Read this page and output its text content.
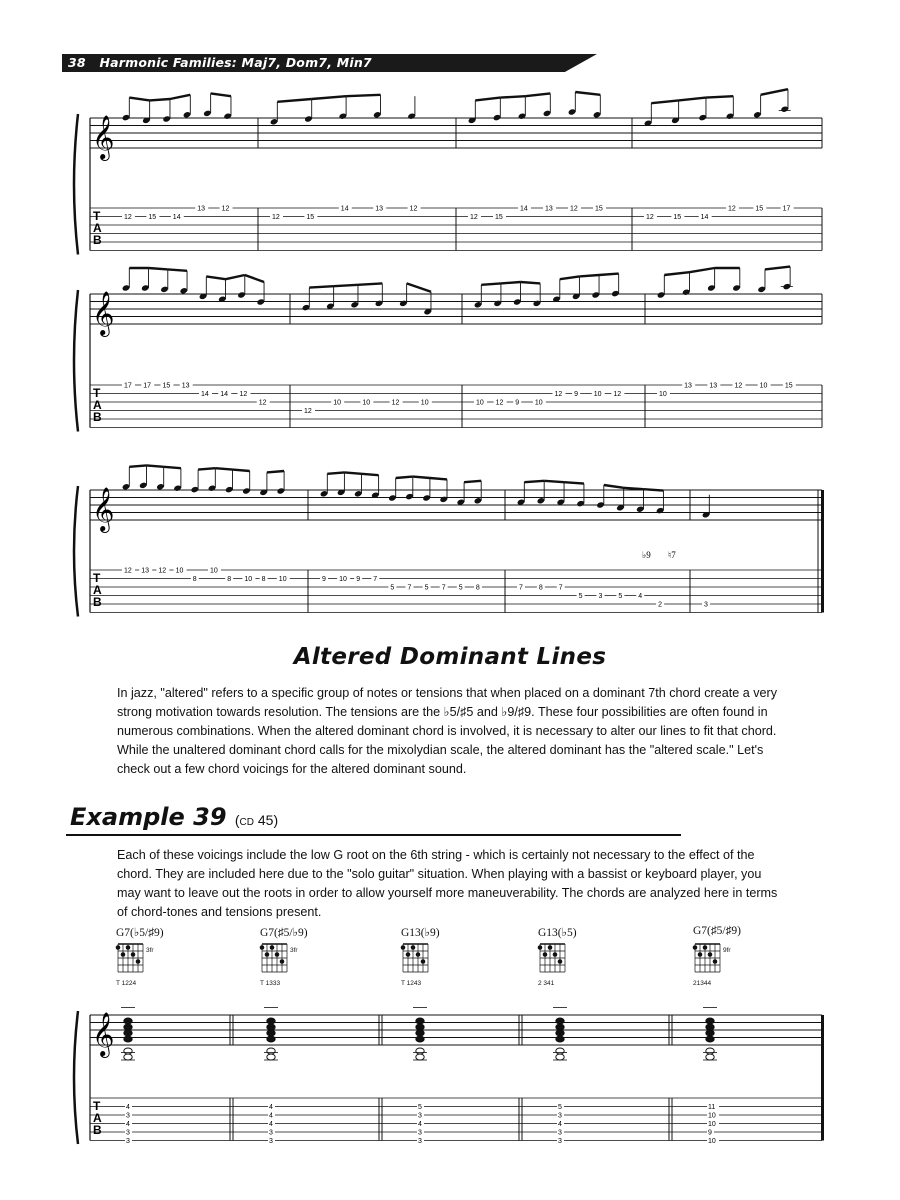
38 Harmonic Families: Maj7, Dom7, Min7
𝄞
T
A
B
12 15 14
13 12
12	15
14	13	12
12 15
14 13 12 15
12	15	14
12	15	17
𝄞
T
A
B
17 17 15 13
14 14 12
12
12
10	10	12	10	10 12 9 10
12 9 10 12	10
13 13 12 10 15
𝄞
T
A
B
12 13 12 10
8
10
8 10 8 10	9 10 9 7
5 7 5 7 5 8	7 8 7
5 3 5 4
2	3
♭9 ♮7
𝄞
T
A
B
4
3
4
3
3
4
4
4
3
3
5
3
4
3
3
5
3
4
3
3
11
10
10
9
10
Altered Dominant Lines
In jazz, "altered" refers to a specific group of notes or tensions that when placed on a dominant 7th chord create a very strong motivation towards resolution. The tensions are the ♭5/♯5 and ♭9/♯9. These four possibilities are often found in numerous combinations. When the altered dominant chord is involved, it is necessary to alter our lines to fit that chord. While the unaltered dominant chord calls for the mixolydian scale, the altered dominant has the "altered scale." Let's check out a few chord voicings for the altered dominant sound.
Example 39 (CD 45)
Each of these voicings include the low G root on the 6th string - which is certainly not necessary to the effect of the chord. They are included here due to the "solo guitar" situation. When playing with a bassist or keyboard player, you may want to leave out the roots in order to allow yourself more maneuverability. The chords are analyzed here in terms of chord-tones and tensions present.
G7(♭5/♯9)
3fr
T 1224
G7(♯5/♭9)
3fr
T 1333
G13(♭9)
T 1243
G13(♭5)
2 341
G7(♯5/♯9)
9fr
21344
